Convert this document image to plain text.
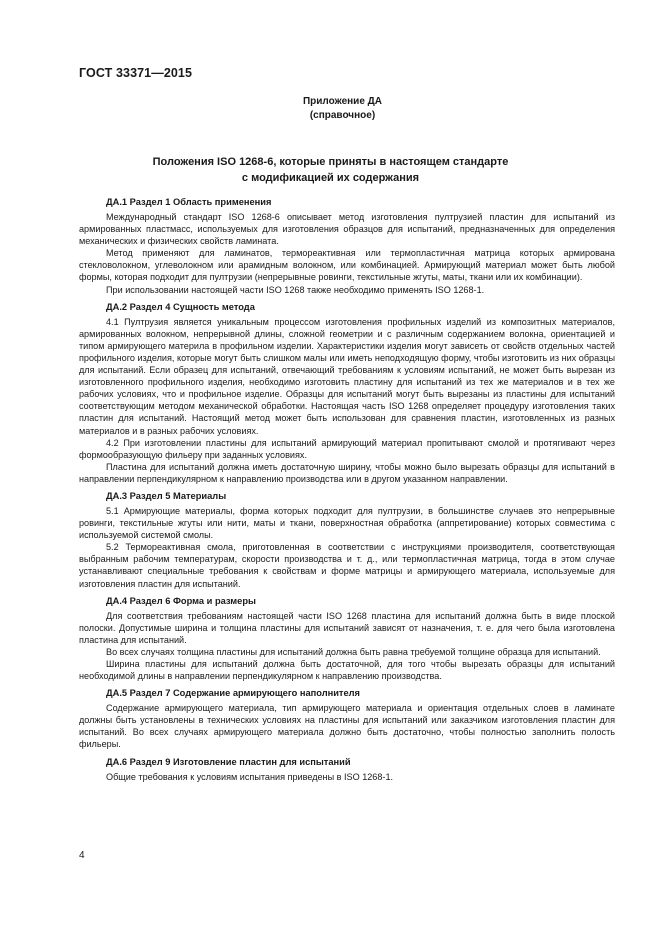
ГОСТ 33371—2015
Приложение ДА
(справочное)
Положения ISO 1268-6, которые приняты в настоящем стандарте
с модификацией их содержания
ДА.1 Раздел 1 Область применения

Международный стандарт ISO 1268-6 описывает метод изготовления пултрузией пластин для испытаний из армированных пластмасс, используемых для изготовления образцов для испытаний, предназначенных для определения механических и физических свойств ламината.

Метод применяют для ламинатов, термореактивная или термопластичная матрица которых армирована стекловолокном, углеволокном или арамидным волокном, или комбинацией. Армирующий материал может быть любой формы, которая подходит для пултрузии (непрерывные ровинги, текстильные жгуты, маты, ткани или их комбинации).

При использовании настоящей части ISO 1268 также необходимо применять ISO 1268-1.

ДА.2 Раздел 4 Сущность метода

4.1 Пултрузия является уникальным процессом изготовления профильных изделий из композитных материалов, армированных волокном, непрерывной длины, сложной геометрии и с различным содержанием волокна, ориентацией и типом армирующего материла в профильном изделии. Характеристики изделия могут зависеть от свойств отдельных частей профильного изделия, которые могут быть слишком малы или иметь неподходящую форму, чтобы изготовить из них образцы для испытаний. Если образец для испытаний, отвечающий требованиям к условиям испытаний, не может быть вырезан из изготовленного профильного изделия, необходимо изготовить пластину для испытаний из тех же материалов и в тех же рабочих условиях, что и профильное изделие. Образцы для испытаний могут быть вырезаны из пластины для испытаний соответствующим методом механической обработки. Настоящая часть ISO 1268 определяет процедуру изготовления таких пластин для испытаний. Настоящий метод может быть использован для сравнения пластин, изготовленных из разных материалов и в разных рабочих условиях.

4.2 При изготовлении пластины для испытаний армирующий материал пропитывают смолой и протягивают через формообразующую фильеру при заданных условиях.

Пластина для испытаний должна иметь достаточную ширину, чтобы можно было вырезать образцы для испытаний в направлении перпендикулярном к направлению производства или в другом указанном направлении.

ДА.3 Раздел 5 Материалы

5.1 Армирующие материалы, форма которых подходит для пултрузии, в большинстве случаев это непрерывные ровинги, текстильные жгуты или нити, маты и ткани, поверхностная обработка (аппретирование) которых совместима с используемой системой смолы.

5.2 Термореактивная смола, приготовленная в соответствии с инструкциями производителя, соответствующая выбранным рабочим температурам, скорости производства и т. д., или термопластичная матрица, тогда в этом случае устанавливают специальные требования к свойствам и форме матрицы и армирующего материала, используемые для изготовления пластин для испытаний.

ДА.4 Раздел 6 Форма и размеры

Для соответствия требованиям настоящей части ISO 1268 пластина для испытаний должна быть в виде плоской полоски. Допустимые ширина и толщина пластины для испытаний зависят от назначения, т. е. для чего была изготовлена пластина для испытаний.

Во всех случаях толщина пластины для испытаний должна быть равна требуемой толщине образца для испытаний.

Ширина пластины для испытаний должна быть достаточной, для того чтобы вырезать образцы для испытаний необходимой длины в направлении перпендикулярном к направлению производства.

ДА.5 Раздел 7 Содержание армирующего наполнителя

Содержание армирующего материала, тип армирующего материала и ориентация отдельных слоев в ламинате должны быть установлены в технических условиях на пластины для испытаний или заказчиком изготовления пластин для испытаний. Во всех случаях армирующего материала должно быть достаточно, чтобы полностью заполнить полость фильеры.

ДА.6 Раздел 9 Изготовление пластин для испытаний

Общие требования к условиям испытания приведены в ISO 1268-1.

4
